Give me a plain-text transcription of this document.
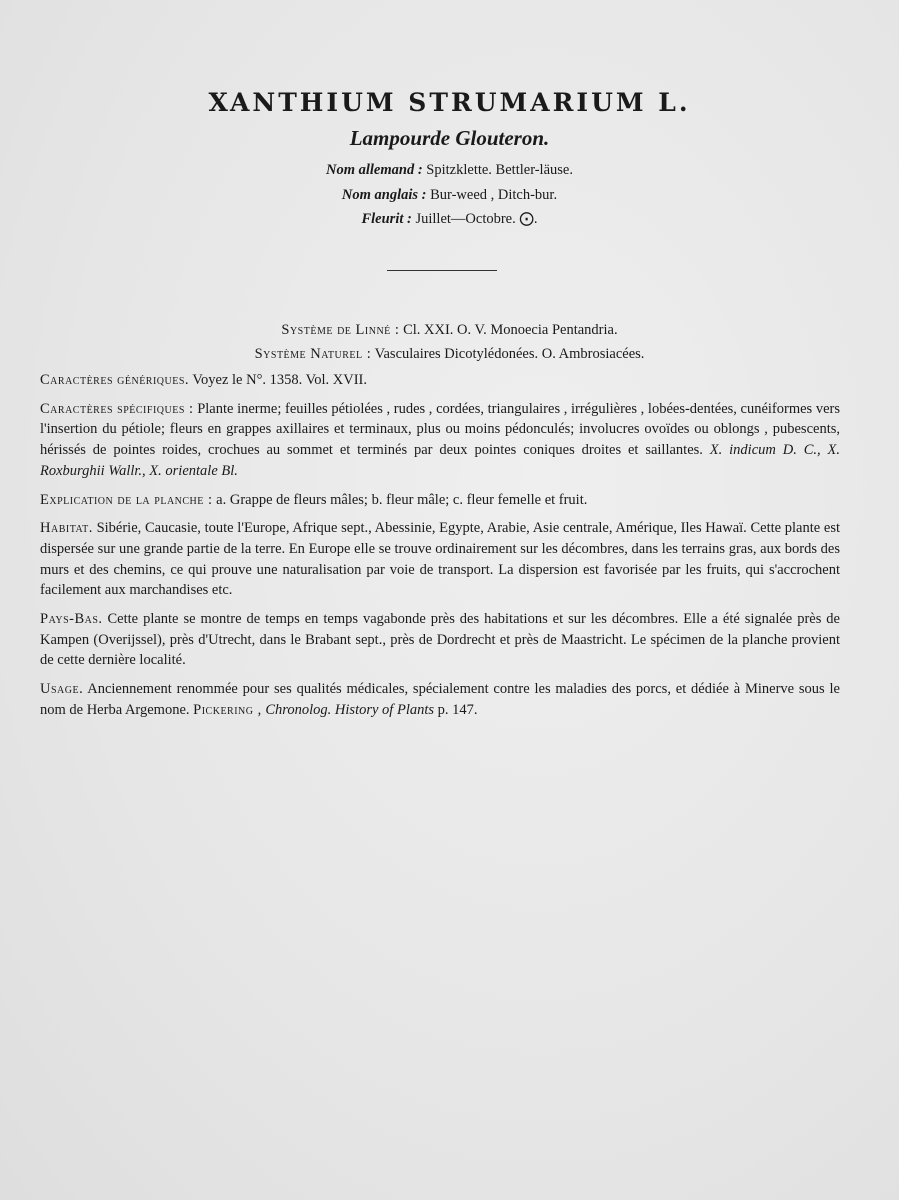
XANTHIUM STRUMARIUM L.
Lampourde Glouteron.
Nom allemand : Spitzklette. Bettler-läuse.
Nom anglais : Bur-weed , Ditch-bur.
Fleurit : Juillet—Octobre. ⨀.
Système de Linné : Cl. XXI. O. V. Monoecia Pentandria.
Système Naturel : Vasculaires Dicotylédonées. O. Ambrosiacées.

Caractères génériques. Voyez le N°. 1358. Vol. XVII.

Caractères spécifiques : Plante inerme; feuilles pétiolées , rudes , cordées, triangulaires , irrégulières , lobées-dentées, cunéiformes vers l'insertion du pétiole; fleurs en grappes axillaires et terminaux, plus ou moins pédonculés; involucres ovoïdes ou oblongs , pubescents, hérissés de pointes roides, crochues au sommet et terminés par deux pointes coniques droites et saillantes. X. indicum D. C., X. Roxburghii Wallr., X. orientale Bl.

Explication de la planche : a. Grappe de fleurs mâles; b. fleur mâle; c. fleur femelle et fruit.

Habitat. Sibérie, Caucasie, toute l'Europe, Afrique sept., Abessinie, Egypte, Arabie, Asie centrale, Amérique, Iles Hawaï. Cette plante est dispersée sur une grande partie de la terre. En Europe elle se trouve ordinairement sur les décombres, dans les terrains gras, aux bords des murs et des chemins, ce qui prouve une naturalisation par voie de transport. La dispersion est favorisée par les fruits, qui s'accrochent facilement aux marchandises etc.

Pays-Bas. Cette plante se montre de temps en temps vagabonde près des habitations et sur les décombres. Elle a été signalée près de Kampen (Overijssel), près d'Utrecht, dans le Brabant sept., près de Dordrecht et près de Maastricht. Le spécimen de la planche provient de cette dernière localité.

Usage. Anciennement renommée pour ses qualités médicales, spécialement contre les maladies des porcs, et dédiée à Minerve sous le nom de Herba Argemone. Pickering , Chronolog. History of Plants p. 147.
